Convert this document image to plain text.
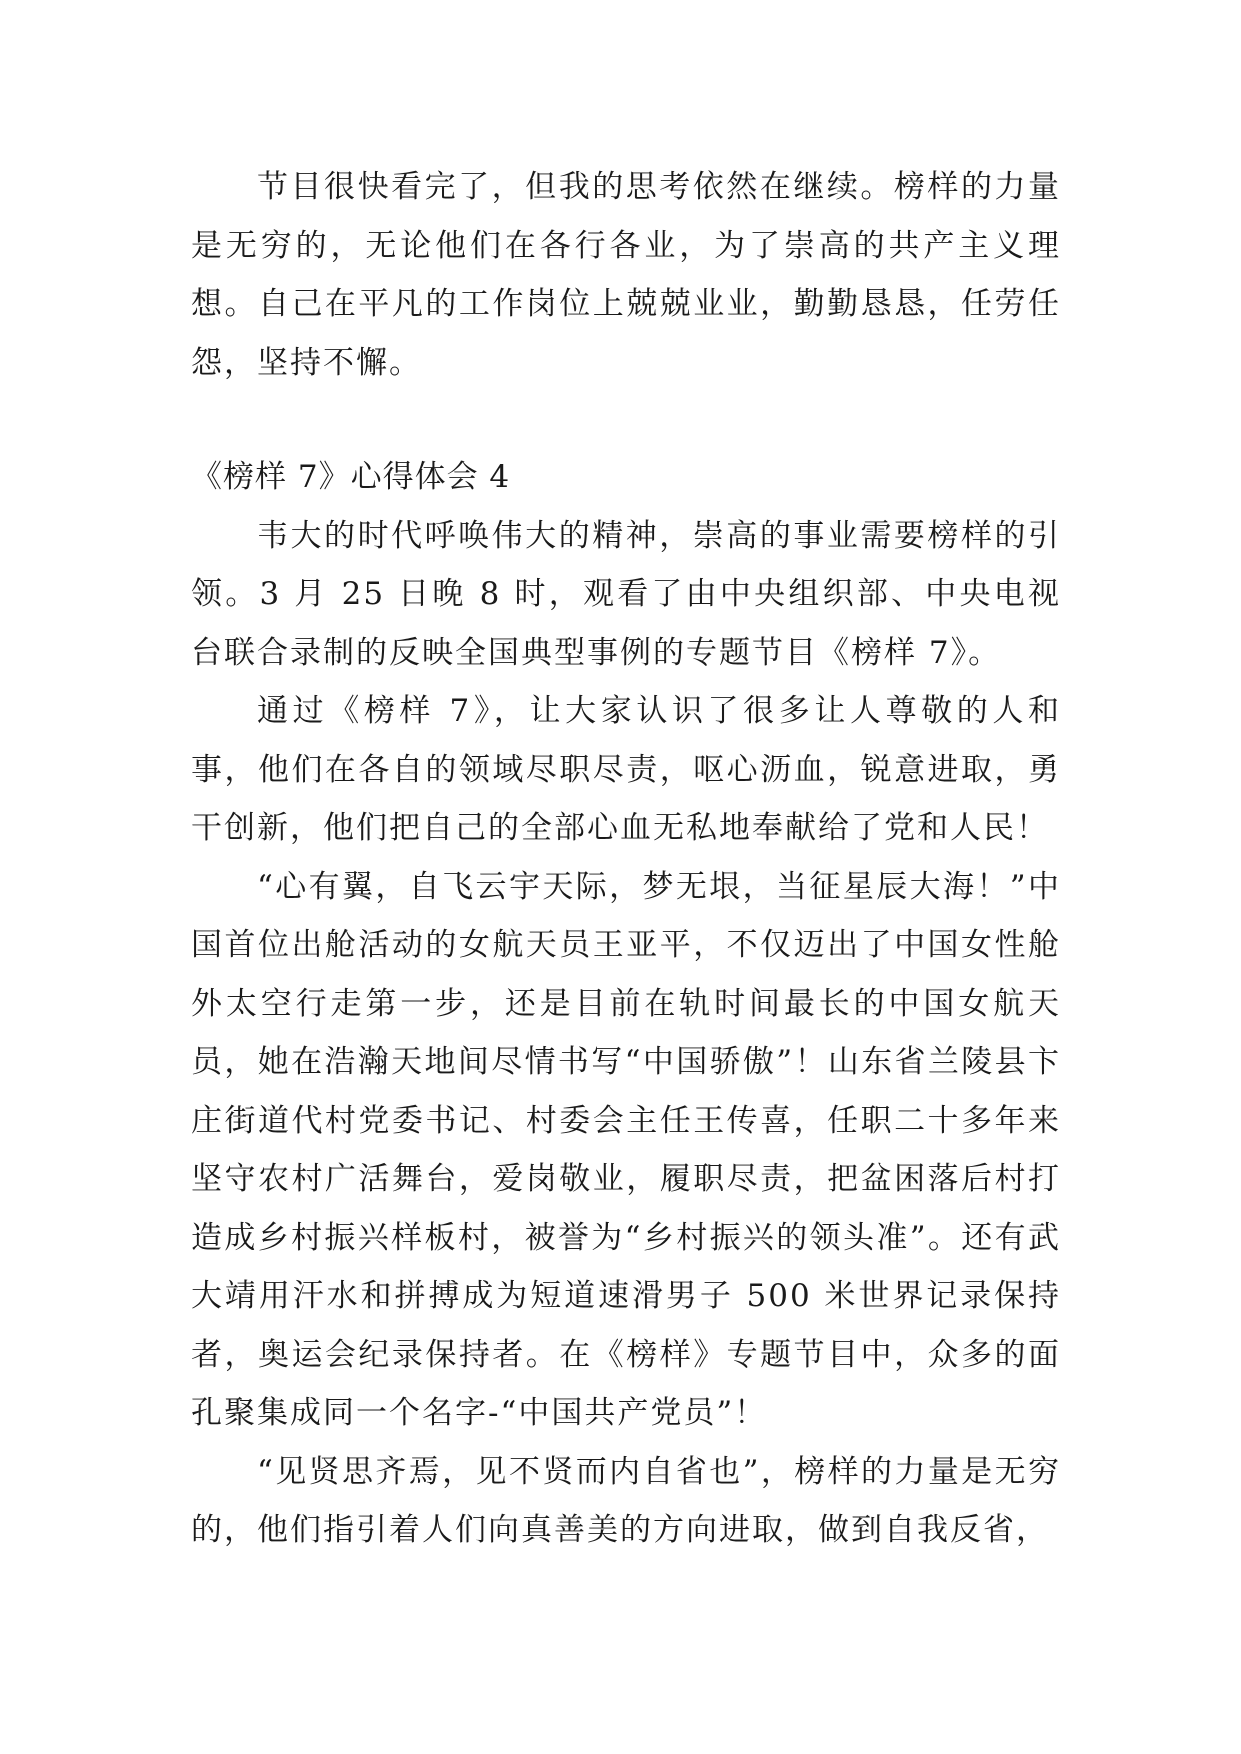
节目很快看完了，但我的思考依然在继续。榜样的力量是无穷的，无论他们在各行各业，为了崇高的共产主义理想。自己在平凡的工作岗位上兢兢业业，勤勤恳恳，任劳任怨，坚持不懈。

《榜样 7》心得体会 4

韦大的时代呼唤伟大的精神，崇高的事业需要榜样的引领。3 月 25 日晚 8 时，观看了由中央组织部、中央电视台联合录制的反映全国典型事例的专题节目《榜样 7》。

通过《榜样 7》，让大家认识了很多让人尊敬的人和事，他们在各自的领域尽职尽责，呕心沥血，锐意进取，勇干创新，他们把自己的全部心血无私地奉献给了党和人民！

“心有翼，自飞云宇天际，梦无垠，当征星辰大海！”中国首位出舱活动的女航天员王亚平，不仅迈出了中国女性舱外太空行走第一步，还是目前在轨时间最长的中国女航天员，她在浩瀚天地间尽情书写“中国骄傲”！山东省兰陵县卞庄街道代村党委书记、村委会主任王传喜，任职二十多年来坚守农村广活舞台，爱岗敬业，履职尽责，把盆困落后村打造成乡村振兴样板村，被誉为“乡村振兴的领头准”。还有武大靖用汗水和拼搏成为短道速滑男子 500 米世界记录保持者，奥运会纪录保持者。在《榜样》专题节目中，众多的面孔聚集成同一个名字-“中国共产党员”！

“见贤思齐焉，见不贤而内自省也”，榜样的力量是无穷的，他们指引着人们向真善美的方向进取，做到自我反省，
